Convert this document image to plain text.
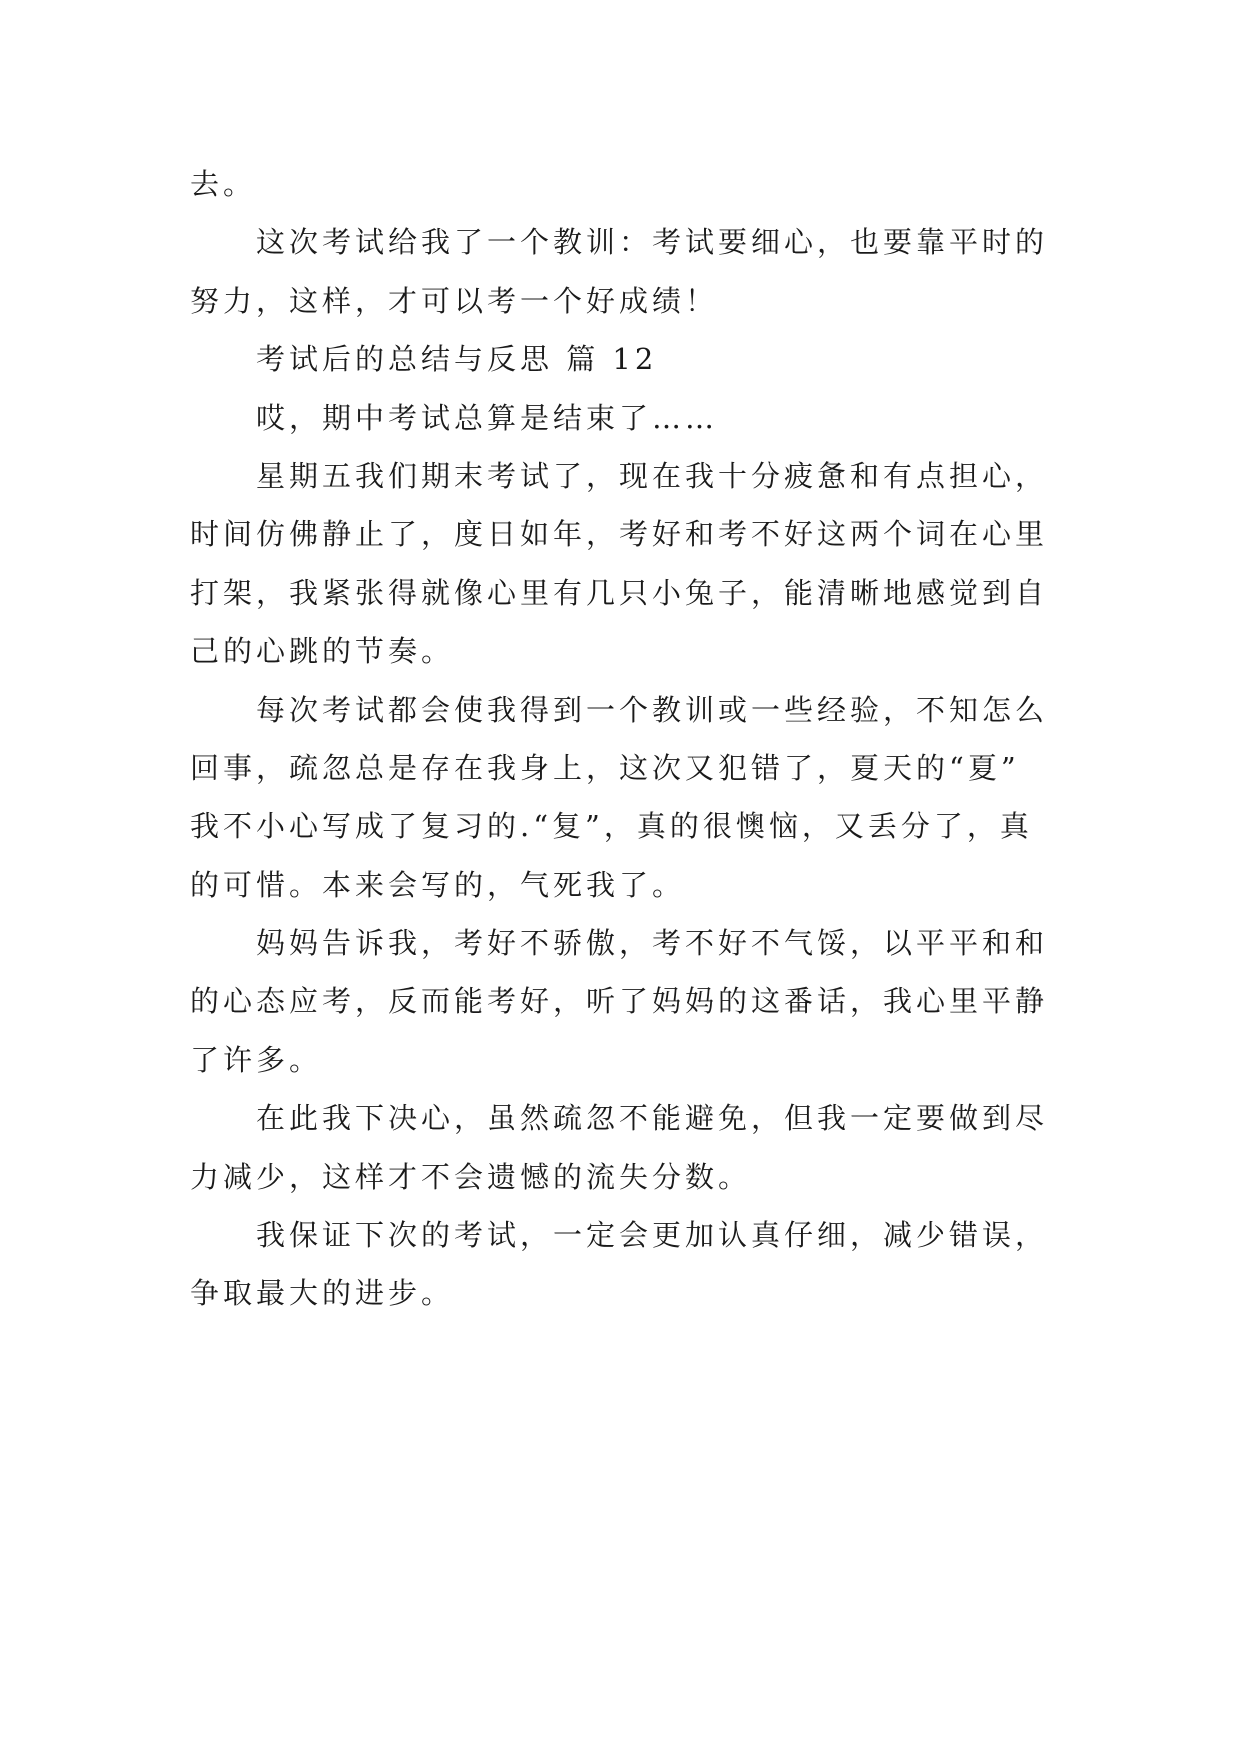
去。
这次考试给我了一个教训：考试要细心，也要靠平时的
努力，这样，才可以考一个好成绩！
考试后的总结与反思 篇 12
哎，期中考试总算是结束了……
星期五我们期末考试了，现在我十分疲惫和有点担心，
时间仿佛静止了，度日如年，考好和考不好这两个词在心里
打架，我紧张得就像心里有几只小兔子，能清晰地感觉到自
己的心跳的节奏。
每次考试都会使我得到一个教训或一些经验，不知怎么
回事，疏忽总是存在我身上，这次又犯错了，夏天的“夏”
我不小心写成了复习的.“复”，真的很懊恼，又丢分了，真
的可惜。本来会写的，气死我了。
妈妈告诉我，考好不骄傲，考不好不气馁，以平平和和
的心态应考，反而能考好，听了妈妈的这番话，我心里平静
了许多。
在此我下决心，虽然疏忽不能避免，但我一定要做到尽
力减少，这样才不会遗憾的流失分数。
我保证下次的考试，一定会更加认真仔细，减少错误，
争取最大的进步。
